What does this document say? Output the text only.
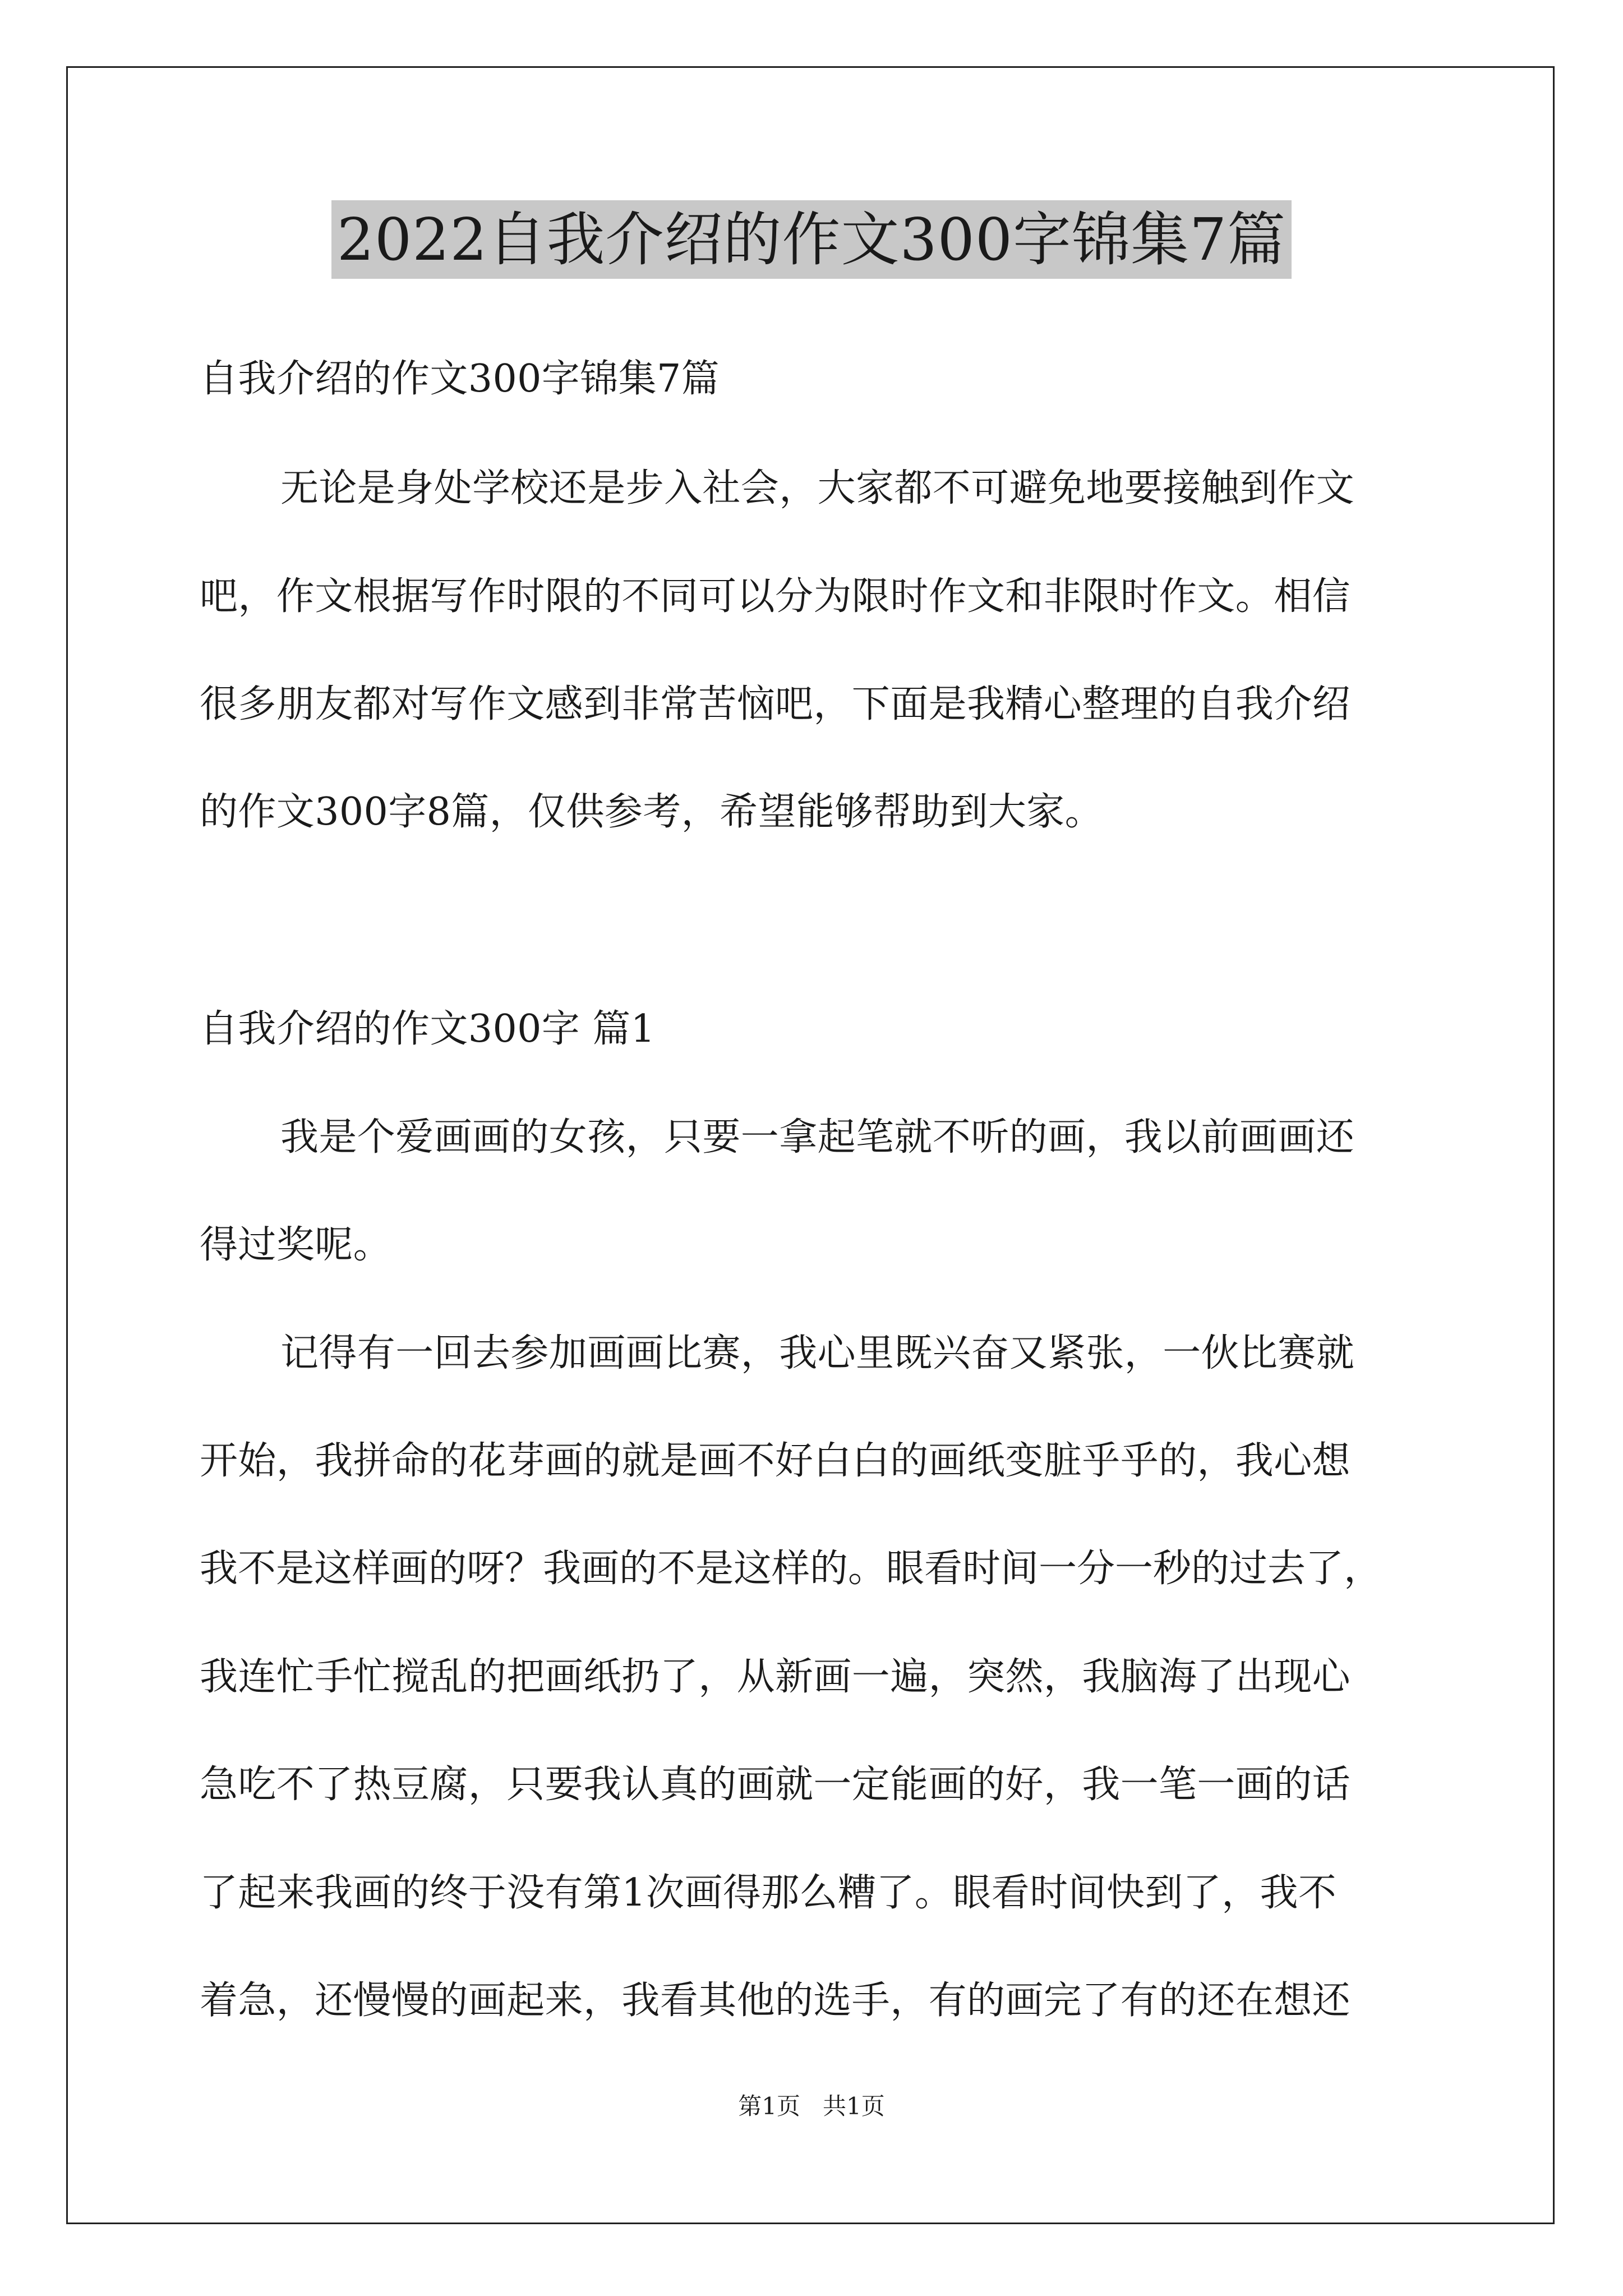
2022自我介绍的作文300字锦集7篇
自我介绍的作文300字锦集7篇
无论是身处学校还是步入社会，大家都不可避免地要接触到作文
吧，作文根据写作时限的不同可以分为限时作文和非限时作文。相信
很多朋友都对写作文感到非常苦恼吧，下面是我精心整理的自我介绍
的作文300字8篇，仅供参考，希望能够帮助到大家。
自我介绍的作文300字 篇1
我是个爱画画的女孩，只要一拿起笔就不听的画，我以前画画还
得过奖呢。
记得有一回去参加画画比赛，我心里既兴奋又紧张，一伙比赛就
开始，我拼命的花芽画的就是画不好白白的画纸变脏乎乎的，我心想
我不是这样画的呀？我画的不是这样的。眼看时间一分一秒的过去了，
我连忙手忙搅乱的把画纸扔了，从新画一遍，突然，我脑海了出现心
急吃不了热豆腐，只要我认真的画就一定能画的好，我一笔一画的话
了起来我画的终于没有第1次画得那么糟了。眼看时间快到了，我不
着急，还慢慢的画起来，我看其他的选手，有的画完了有的还在想还
第1页   共1页
